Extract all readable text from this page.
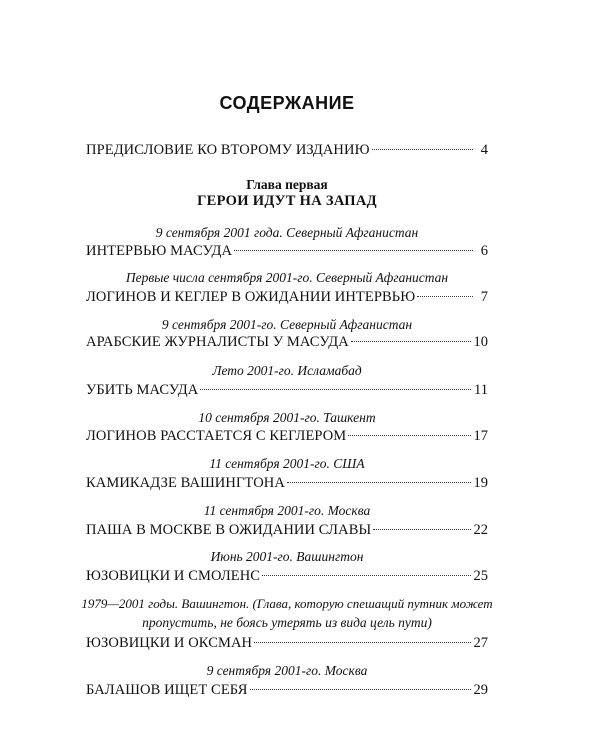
СОДЕРЖАНИЕ
ПРЕДИСЛОВИЕ КО ВТОРОМУ ИЗДАНИЮ	4
Глава первая
ГЕРОИ ИДУТ НА ЗАПАД
9 сентября 2001 года. Северный Афганистан
ИНТЕРВЬЮ МАСУДА	6
Первые числа сентября 2001-го. Северный Афганистан
ЛОГИНОВ И КЕГЛЕР В ОЖИДАНИИ ИНТЕРВЬЮ	7
9 сентября 2001-го. Северный Афганистан
АРАБСКИЕ ЖУРНАЛИСТЫ У МАСУДА	10
Лето 2001-го. Исламабад
УБИТЬ МАСУДА	11
10 сентября 2001-го. Ташкент
ЛОГИНОВ РАССТАЕТСЯ С КЕГЛЕРОМ	17
11 сентября 2001-го. США
КАМИКАДЗЕ ВАШИНГТОНА	19
11 сентября 2001-го. Москва
ПАША В МОСКВЕ В ОЖИДАНИИ СЛАВЫ	22
Июнь 2001-го. Вашингтон
ЮЗОВИЦКИ И СМОЛЕНС	25
1979—2001 годы. Вашингтон. (Глава, которую спешащий путник может
пропустить, не боясь утерять из вида цель пути)
ЮЗОВИЦКИ И ОКСМАН	27
9 сентября 2001-го. Москва
БАЛАШОВ ИЩЕТ СЕБЯ	29
